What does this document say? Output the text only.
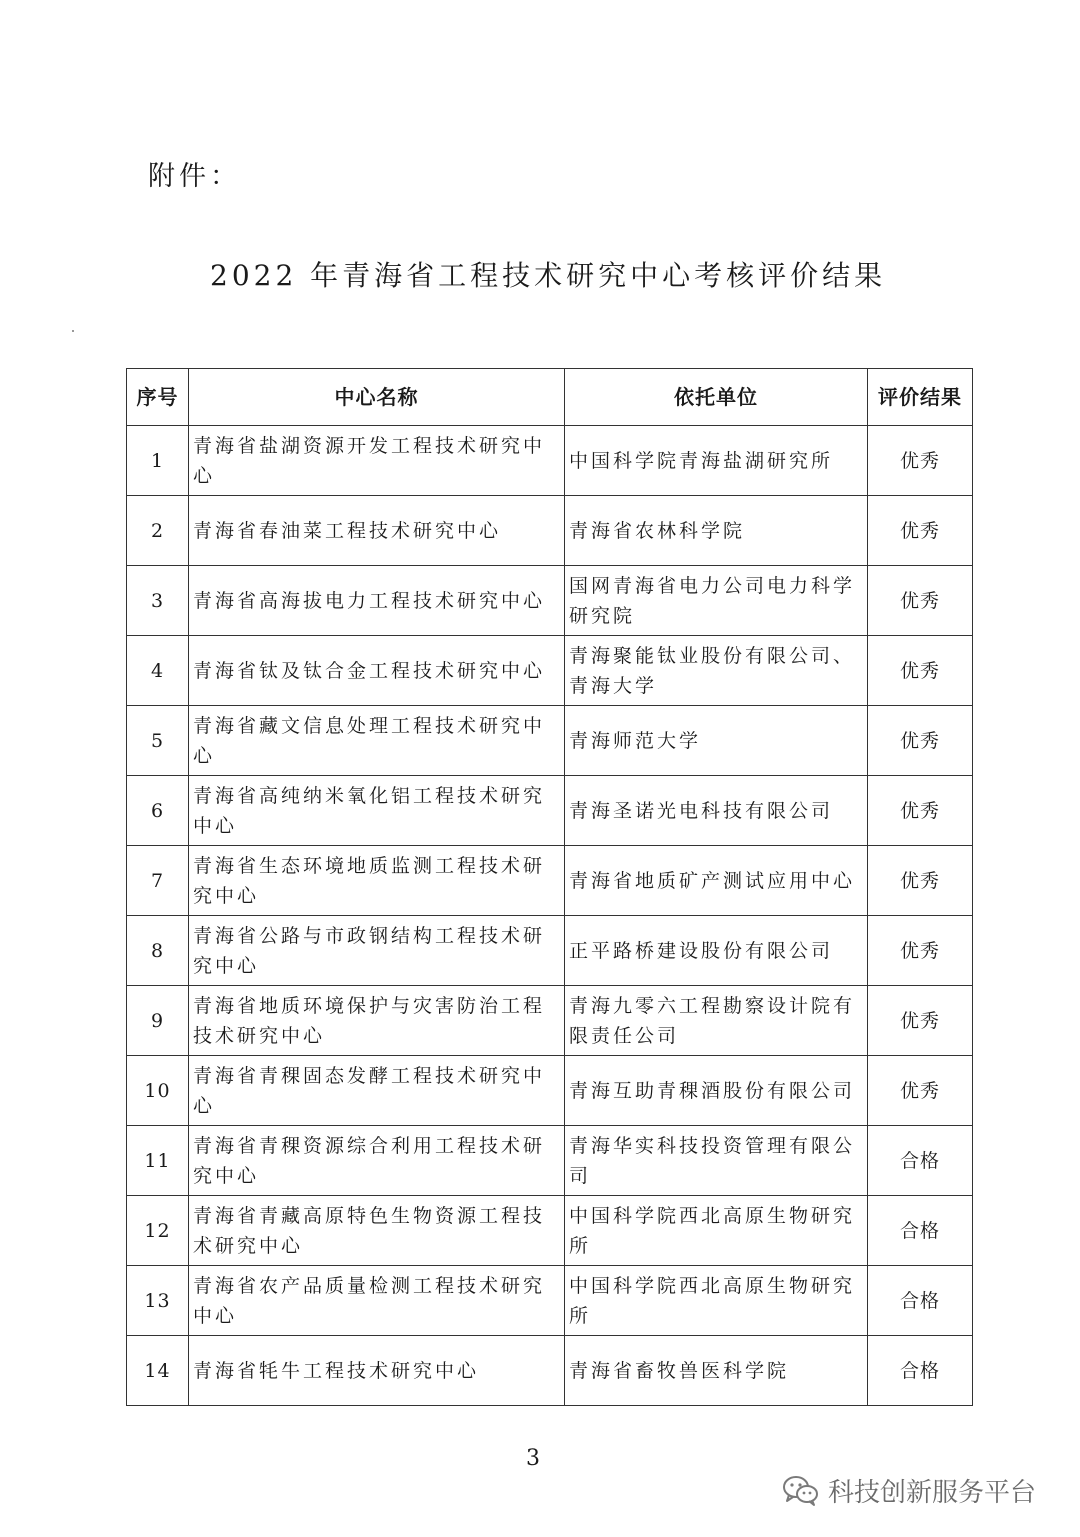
附件：
2022 年青海省工程技术研究中心考核评价结果
序号	中心名称	依托单位	评价结果
1	青海省盐湖资源开发工程技术研究中心	中国科学院青海盐湖研究所	优秀
2	青海省春油菜工程技术研究中心	青海省农林科学院	优秀
3	青海省高海拔电力工程技术研究中心	国网青海省电力公司电力科学研究院	优秀
4	青海省钛及钛合金工程技术研究中心	青海聚能钛业股份有限公司、青海大学	优秀
5	青海省藏文信息处理工程技术研究中心	青海师范大学	优秀
6	青海省高纯纳米氧化铝工程技术研究中心	青海圣诺光电科技有限公司	优秀
7	青海省生态环境地质监测工程技术研究中心	青海省地质矿产测试应用中心	优秀
8	青海省公路与市政钢结构工程技术研究中心	正平路桥建设股份有限公司	优秀
9	青海省地质环境保护与灾害防治工程技术研究中心	青海九零六工程勘察设计院有限责任公司	优秀
10	青海省青稞固态发酵工程技术研究中心	青海互助青稞酒股份有限公司	优秀
11	青海省青稞资源综合利用工程技术研究中心	青海华实科技投资管理有限公司	合格
12	青海省青藏高原特色生物资源工程技术研究中心	中国科学院西北高原生物研究所	合格
13	青海省农产品质量检测工程技术研究中心	中国科学院西北高原生物研究所	合格
14	青海省牦牛工程技术研究中心	青海省畜牧兽医科学院	合格
3
科技创新服务平台
